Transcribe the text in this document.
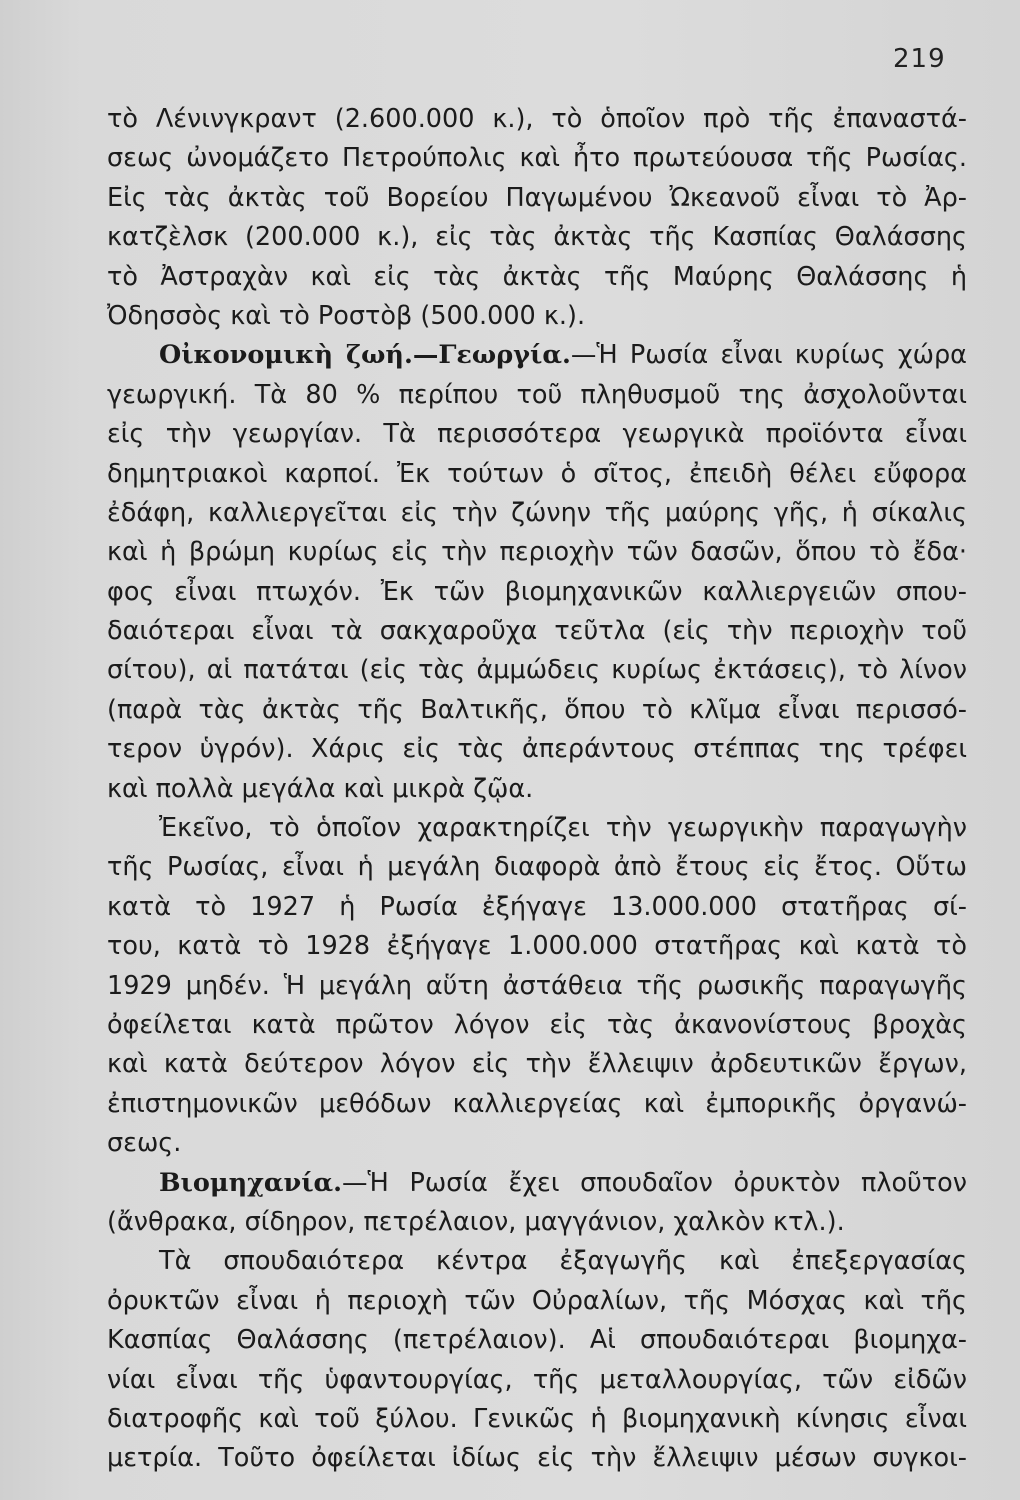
219
τὸ Λένινγκραντ (2.600.000 κ.), τὸ ὁποῖον πρὸ τῆς ἐπαναστά-
σεως ὠνομάζετο Πετρούπολις καὶ ἦτο πρωτεύουσα τῆς Ρωσίας.
Εἰς τὰς ἀκτὰς τοῦ Βορείου Παγωμένου Ὠκεανοῦ εἶναι τὸ Ἀρ-
κατζὲλσκ (200.000 κ.), εἰς τὰς ἀκτὰς τῆς Κασπίας Θαλάσσης
τὸ Ἀστραχὰν καὶ εἰς τὰς ἀκτὰς τῆς Μαύρης Θαλάσσης ἡ
Ὀδησσὸς καὶ τὸ Ροστὸβ (500.000 κ.).
Οἰκονομικὴ ζωή.—Γεωργία.—Ἡ Ρωσία εἶναι κυρίως χώρα
γεωργική. Τὰ 80 % περίπου τοῦ πληθυσμοῦ της ἀσχολοῦνται
εἰς τὴν γεωργίαν. Τὰ περισσότερα γεωργικὰ προϊόντα εἶναι
δημητριακοὶ καρποί. Ἐκ τούτων ὁ σῖτος, ἐπειδὴ θέλει εὔφορα
ἐδάφη, καλλιεργεῖται εἰς τὴν ζώνην τῆς μαύρης γῆς, ἡ σίκαλις
καὶ ἡ βρώμη κυρίως εἰς τὴν περιοχὴν τῶν δασῶν, ὅπου τὸ ἔδα·
φος εἶναι πτωχόν. Ἐκ τῶν βιομηχανικῶν καλλιεργειῶν σπου-
δαιότεραι εἶναι τὰ σακχαροῦχα τεῦτλα (εἰς τὴν περιοχὴν τοῦ
σίτου), αἱ πατάται (εἰς τὰς ἀμμώδεις κυρίως ἐκτάσεις), τὸ λίνον
(παρὰ τὰς ἀκτὰς τῆς Βαλτικῆς, ὅπου τὸ κλῖμα εἶναι περισσό-
τερον ὑγρόν). Χάρις εἰς τὰς ἀπεράντους στέππας της τρέφει
καὶ πολλὰ μεγάλα καὶ μικρὰ ζῷα.
Ἐκεῖνο, τὸ ὁποῖον χαρακτηρίζει τὴν γεωργικὴν παραγωγὴν
τῆς Ρωσίας, εἶναι ἡ μεγάλη διαφορὰ ἀπὸ ἔτους εἰς ἔτος. Οὕτω
κατὰ τὸ 1927 ἡ Ρωσία ἐξήγαγε 13.000.000 στατῆρας σί-
του, κατὰ τὸ 1928 ἐξήγαγε 1.000.000 στατῆρας καὶ κατὰ τὸ
1929 μηδέν. Ἡ μεγάλη αὕτη ἀστάθεια τῆς ρωσικῆς παραγωγῆς
ὀφείλεται κατὰ πρῶτον λόγον εἰς τὰς ἀκανονίστους βροχὰς
καὶ κατὰ δεύτερον λόγον εἰς τὴν ἔλλειψιν ἀρδευτικῶν ἔργων,
ἐπιστημονικῶν μεθόδων καλλιεργείας καὶ ἐμπορικῆς ὀργανώ-
σεως.
Βιομηχανία.—Ἡ Ρωσία ἔχει σπουδαῖον ὀρυκτὸν πλοῦτον
(ἄνθρακα, σίδηρον, πετρέλαιον, μαγγάνιον, χαλκὸν κτλ.).
Τὰ σπουδαιότερα κέντρα ἐξαγωγῆς καὶ ἐπεξεργασίας
ὀρυκτῶν εἶναι ἡ περιοχὴ τῶν Οὐραλίων, τῆς Μόσχας καὶ τῆς
Κασπίας Θαλάσσης (πετρέλαιον). Αἱ σπουδαιότεραι βιομηχα-
νίαι εἶναι τῆς ὑφαντουργίας, τῆς μεταλλουργίας, τῶν εἰδῶν
διατροφῆς καὶ τοῦ ξύλου. Γενικῶς ἡ βιομηχανικὴ κίνησις εἶναι
μετρία. Τοῦτο ὀφείλεται ἰδίως εἰς τὴν ἔλλειψιν μέσων συγκοι-
